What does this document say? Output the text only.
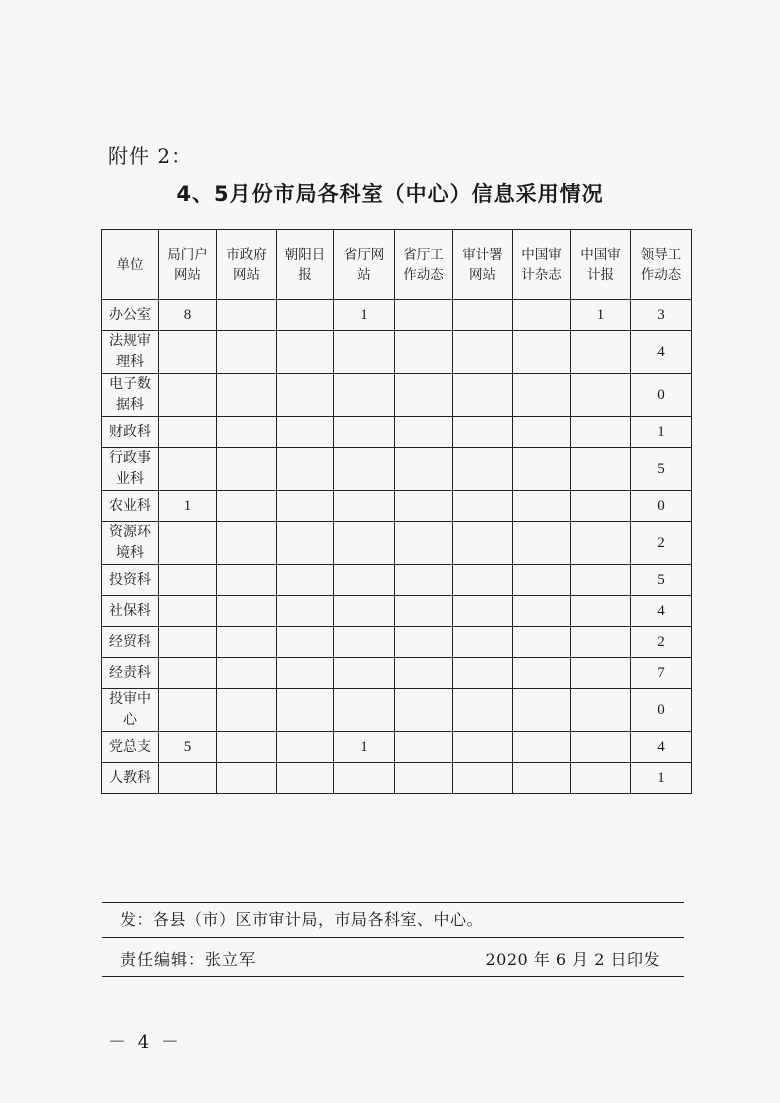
附件 2：
4、5月份市局各科室（中心）信息采用情况
单位	局门户网站	市政府网站	朝阳日报	省厅网站	省厅工作动态	审计署网站	中国审计杂志	中国审计报	领导工作动态
办公室	8			1				1	3
法规审理科									4
电子数据科									0
财政科									1
行政事业科									5
农业科	1								0
资源环境科									2
投资科									5
社保科									4
经贸科									2
经责科									7
投审中心									0
党总支	5			1					4
人教科									1
发：各县（市）区市审计局，市局各科室、中心。
责任编辑：张立军	2020 年 6 月 2 日印发
－ 4 －
